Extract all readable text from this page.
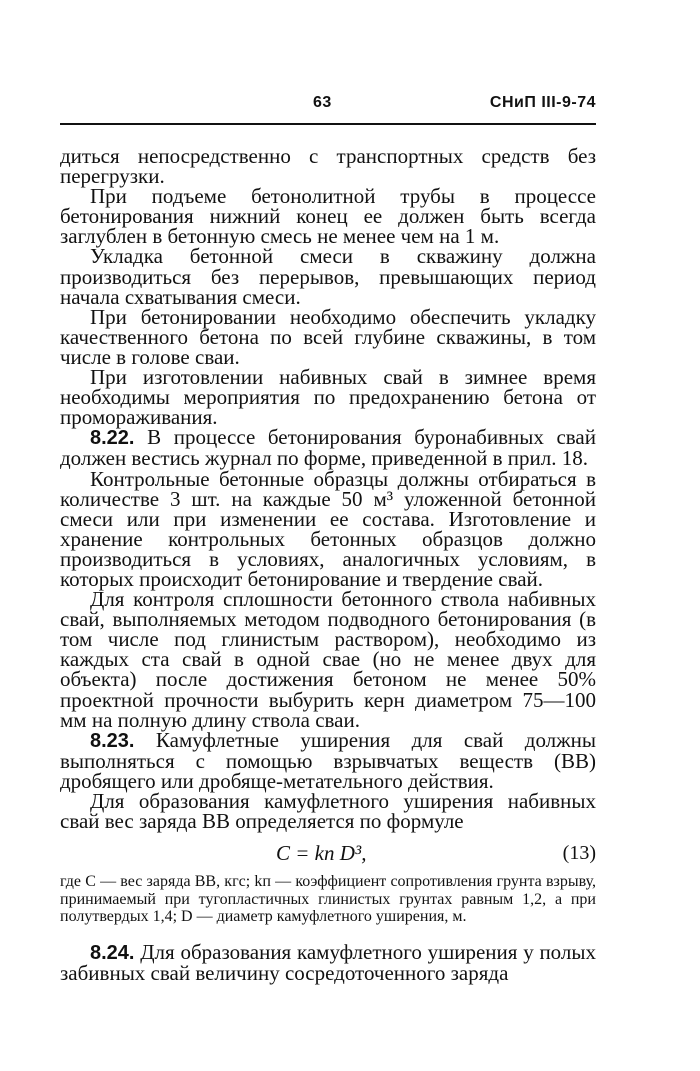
63	СНиП III-9-74

диться непосредственно с транспортных средств без перегрузки.

При подъеме бетонолитной трубы в процессе бетонирования нижний конец ее должен быть всегда заглублен в бетонную смесь не менее чем на 1 м.

Укладка бетонной смеси в скважину должна производиться без перерывов, превышающих период начала схватывания смеси.

При бетонировании необходимо обеспечить укладку качественного бетона по всей глубине скважины, в том числе в голове сваи.

При изготовлении набивных свай в зимнее время необходимы мероприятия по предохранению бетона от промораживания.

8.22. В процессе бетонирования буронабивных свай должен вестись журнал по форме, приведенной в прил. 18.

Контрольные бетонные образцы должны отбираться в количестве 3 шт. на каждые 50 м³ уложенной бетонной смеси или при изменении ее состава. Изготовление и хранение контрольных бетонных образцов должно производиться в условиях, аналогичных условиям, в которых происходит бетонирование и твердение свай.

Для контроля сплошности бетонного ствола набивных свай, выполняемых методом подводного бетонирования (в том числе под глинистым раствором), необходимо из каждых ста свай в одной свае (но не менее двух для объекта) после достижения бетоном не менее 50% проектной прочности выбурить керн диаметром 75—100 мм на полную длину ствола сваи.

8.23. Камуфлетные уширения для свай должны выполняться с помощью взрывчатых веществ (ВВ) дробящего или дробяще-метательного действия.

Для образования камуфлетного уширения набивных свай вес заряда ВВ определяется по формуле

C = kп D³,	(13)

где C — вес заряда ВВ, кгс; kп — коэффициент сопротивления грунта взрыву, принимаемый при тугопластичных глинистых грунтах равным 1,2, а при полутвердых 1,4; D — диаметр камуфлетного уширения, м.

8.24. Для образования камуфлетного уширения у полых забивных свай величину сосредоточенного заряда
